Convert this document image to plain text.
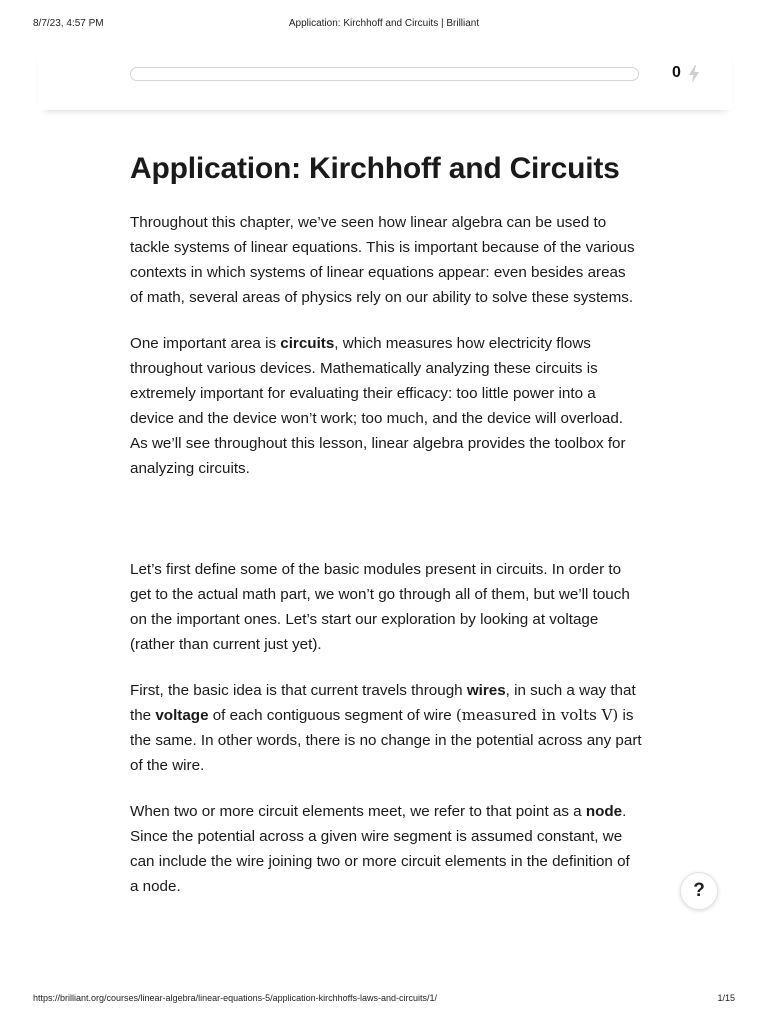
8/7/23, 4:57 PM	Application: Kirchhoff and Circuits | Brilliant
0
Application: Kirchhoff and Circuits

Throughout this chapter, we’ve seen how linear algebra can be used to tackle systems of linear equations. This is important because of the various contexts in which systems of linear equations appear: even besides areas of math, several areas of physics rely on our ability to solve these systems.

One important area is circuits, which measures how electricity flows throughout various devices. Mathematically analyzing these circuits is extremely important for evaluating their efficacy: too little power into a device and the device won’t work; too much, and the device will overload. As we’ll see throughout this lesson, linear algebra provides the toolbox for analyzing circuits.

Let’s first define some of the basic modules present in circuits. In order to get to the actual math part, we won’t go through all of them, but we’ll touch on the important ones. Let’s start our exploration by looking at voltage (rather than current just yet).

First, the basic idea is that current travels through wires, in such a way that the voltage of each contiguous segment of wire (measured in volts V) is the same. In other words, there is no change in the potential across any part of the wire.

When two or more circuit elements meet, we refer to that point as a node. Since the potential across a given wire segment is assumed constant, we can include the wire joining two or more circuit elements in the definition of a node.	?
https://brilliant.org/courses/linear-algebra/linear-equations-5/application-kirchhoffs-laws-and-circuits/1/	1/15
